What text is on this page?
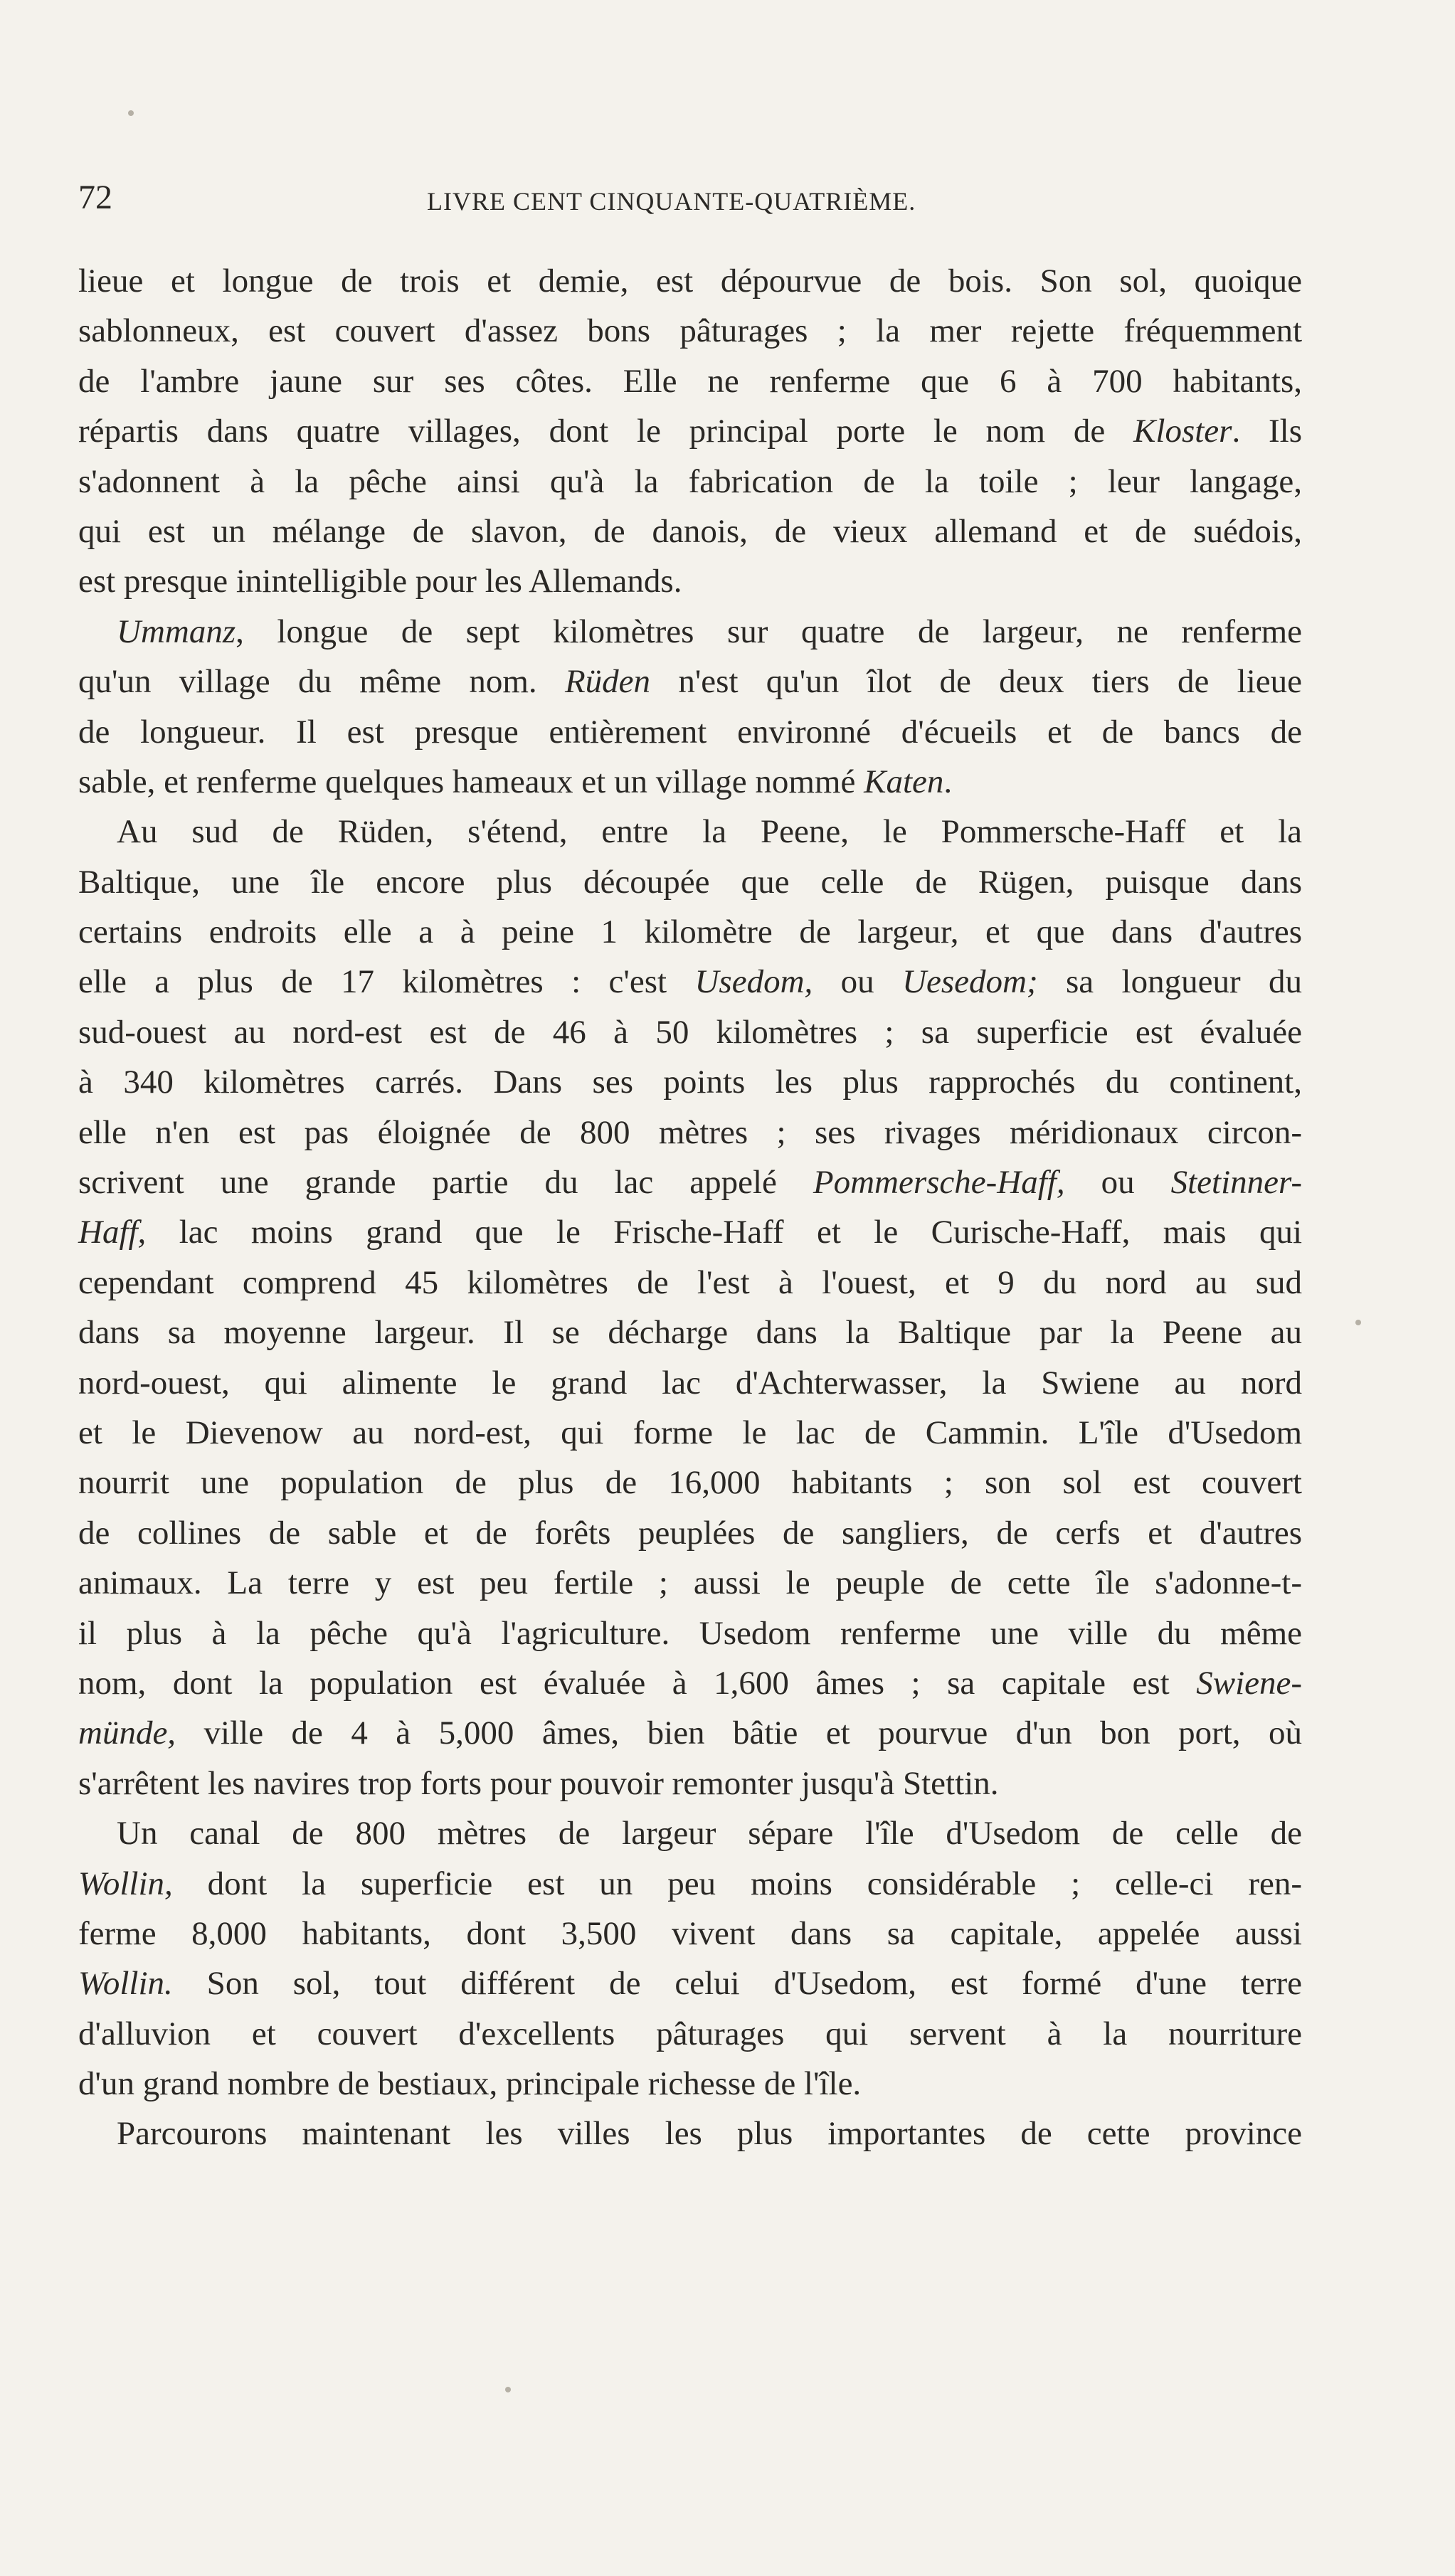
72	LIVRE CENT CINQUANTE-QUATRIÈME.
lieue et longue de trois et demie, est dépourvue de bois. Son sol, quoique
sablonneux, est couvert d'assez bons pâturages ; la mer rejette fréquemment
de l'ambre jaune sur ses côtes. Elle ne renferme que 6 à 700 habitants,
répartis dans quatre villages, dont le principal porte le nom de Kloster. Ils
s'adonnent à la pêche ainsi qu'à la fabrication de la toile ; leur langage,
qui est un mélange de slavon, de danois, de vieux allemand et de suédois,
est presque inintelligible pour les Allemands.
Ummanz, longue de sept kilomètres sur quatre de largeur, ne renferme
qu'un village du même nom. Rüden n'est qu'un îlot de deux tiers de lieue
de longueur. Il est presque entièrement environné d'écueils et de bancs de
sable, et renferme quelques hameaux et un village nommé Katen.
Au sud de Rüden, s'étend, entre la Peene, le Pommersche-Haff et la
Baltique, une île encore plus découpée que celle de Rügen, puisque dans
certains endroits elle a à peine 1 kilomètre de largeur, et que dans d'autres
elle a plus de 17 kilomètres : c'est Usedom, ou Uesedom; sa longueur du
sud-ouest au nord-est est de 46 à 50 kilomètres ; sa superficie est évaluée
à 340 kilomètres carrés. Dans ses points les plus rapprochés du continent,
elle n'en est pas éloignée de 800 mètres ; ses rivages méridionaux circon-
scrivent une grande partie du lac appelé Pommersche-Haff, ou Stetinner-
Haff, lac moins grand que le Frische-Haff et le Curische-Haff, mais qui
cependant comprend 45 kilomètres de l'est à l'ouest, et 9 du nord au sud
dans sa moyenne largeur. Il se décharge dans la Baltique par la Peene au
nord-ouest, qui alimente le grand lac d'Achterwasser, la Swiene au nord
et le Dievenow au nord-est, qui forme le lac de Cammin. L'île d'Usedom
nourrit une population de plus de 16,000 habitants ; son sol est couvert
de collines de sable et de forêts peuplées de sangliers, de cerfs et d'autres
animaux. La terre y est peu fertile ; aussi le peuple de cette île s'adonne-t-
il plus à la pêche qu'à l'agriculture. Usedom renferme une ville du même
nom, dont la population est évaluée à 1,600 âmes ; sa capitale est Swiene-
münde, ville de 4 à 5,000 âmes, bien bâtie et pourvue d'un bon port, où
s'arrêtent les navires trop forts pour pouvoir remonter jusqu'à Stettin.
Un canal de 800 mètres de largeur sépare l'île d'Usedom de celle de
Wollin, dont la superficie est un peu moins considérable ; celle-ci ren-
ferme 8,000 habitants, dont 3,500 vivent dans sa capitale, appelée aussi
Wollin. Son sol, tout différent de celui d'Usedom, est formé d'une terre
d'alluvion et couvert d'excellents pâturages qui servent à la nourriture
d'un grand nombre de bestiaux, principale richesse de l'île.
Parcourons maintenant les villes les plus importantes de cette province
